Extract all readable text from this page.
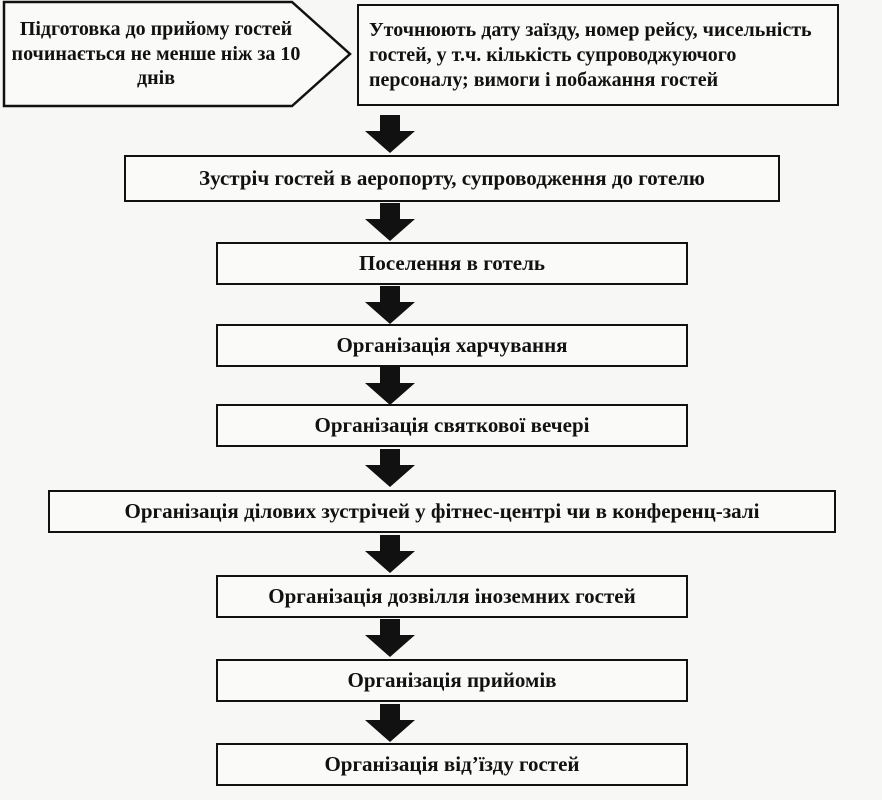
Підготовка до прийому гостей починається не менше ніж за 10 днів
Уточнюють дату заїзду, номер рейсу, чисельність гостей, у т.ч. кількість супроводжуючого персоналу; вимоги і побажання гостей
Зустріч гостей в аеропорту, супроводження до готелю
Поселення в готель
Організація харчування
Організація святкової вечері
Організація ділових зустрічей у фітнес-центрі чи в конференц-залі
Організація дозвілля іноземних гостей
Організація прийомів
Організація від’їзду гостей
